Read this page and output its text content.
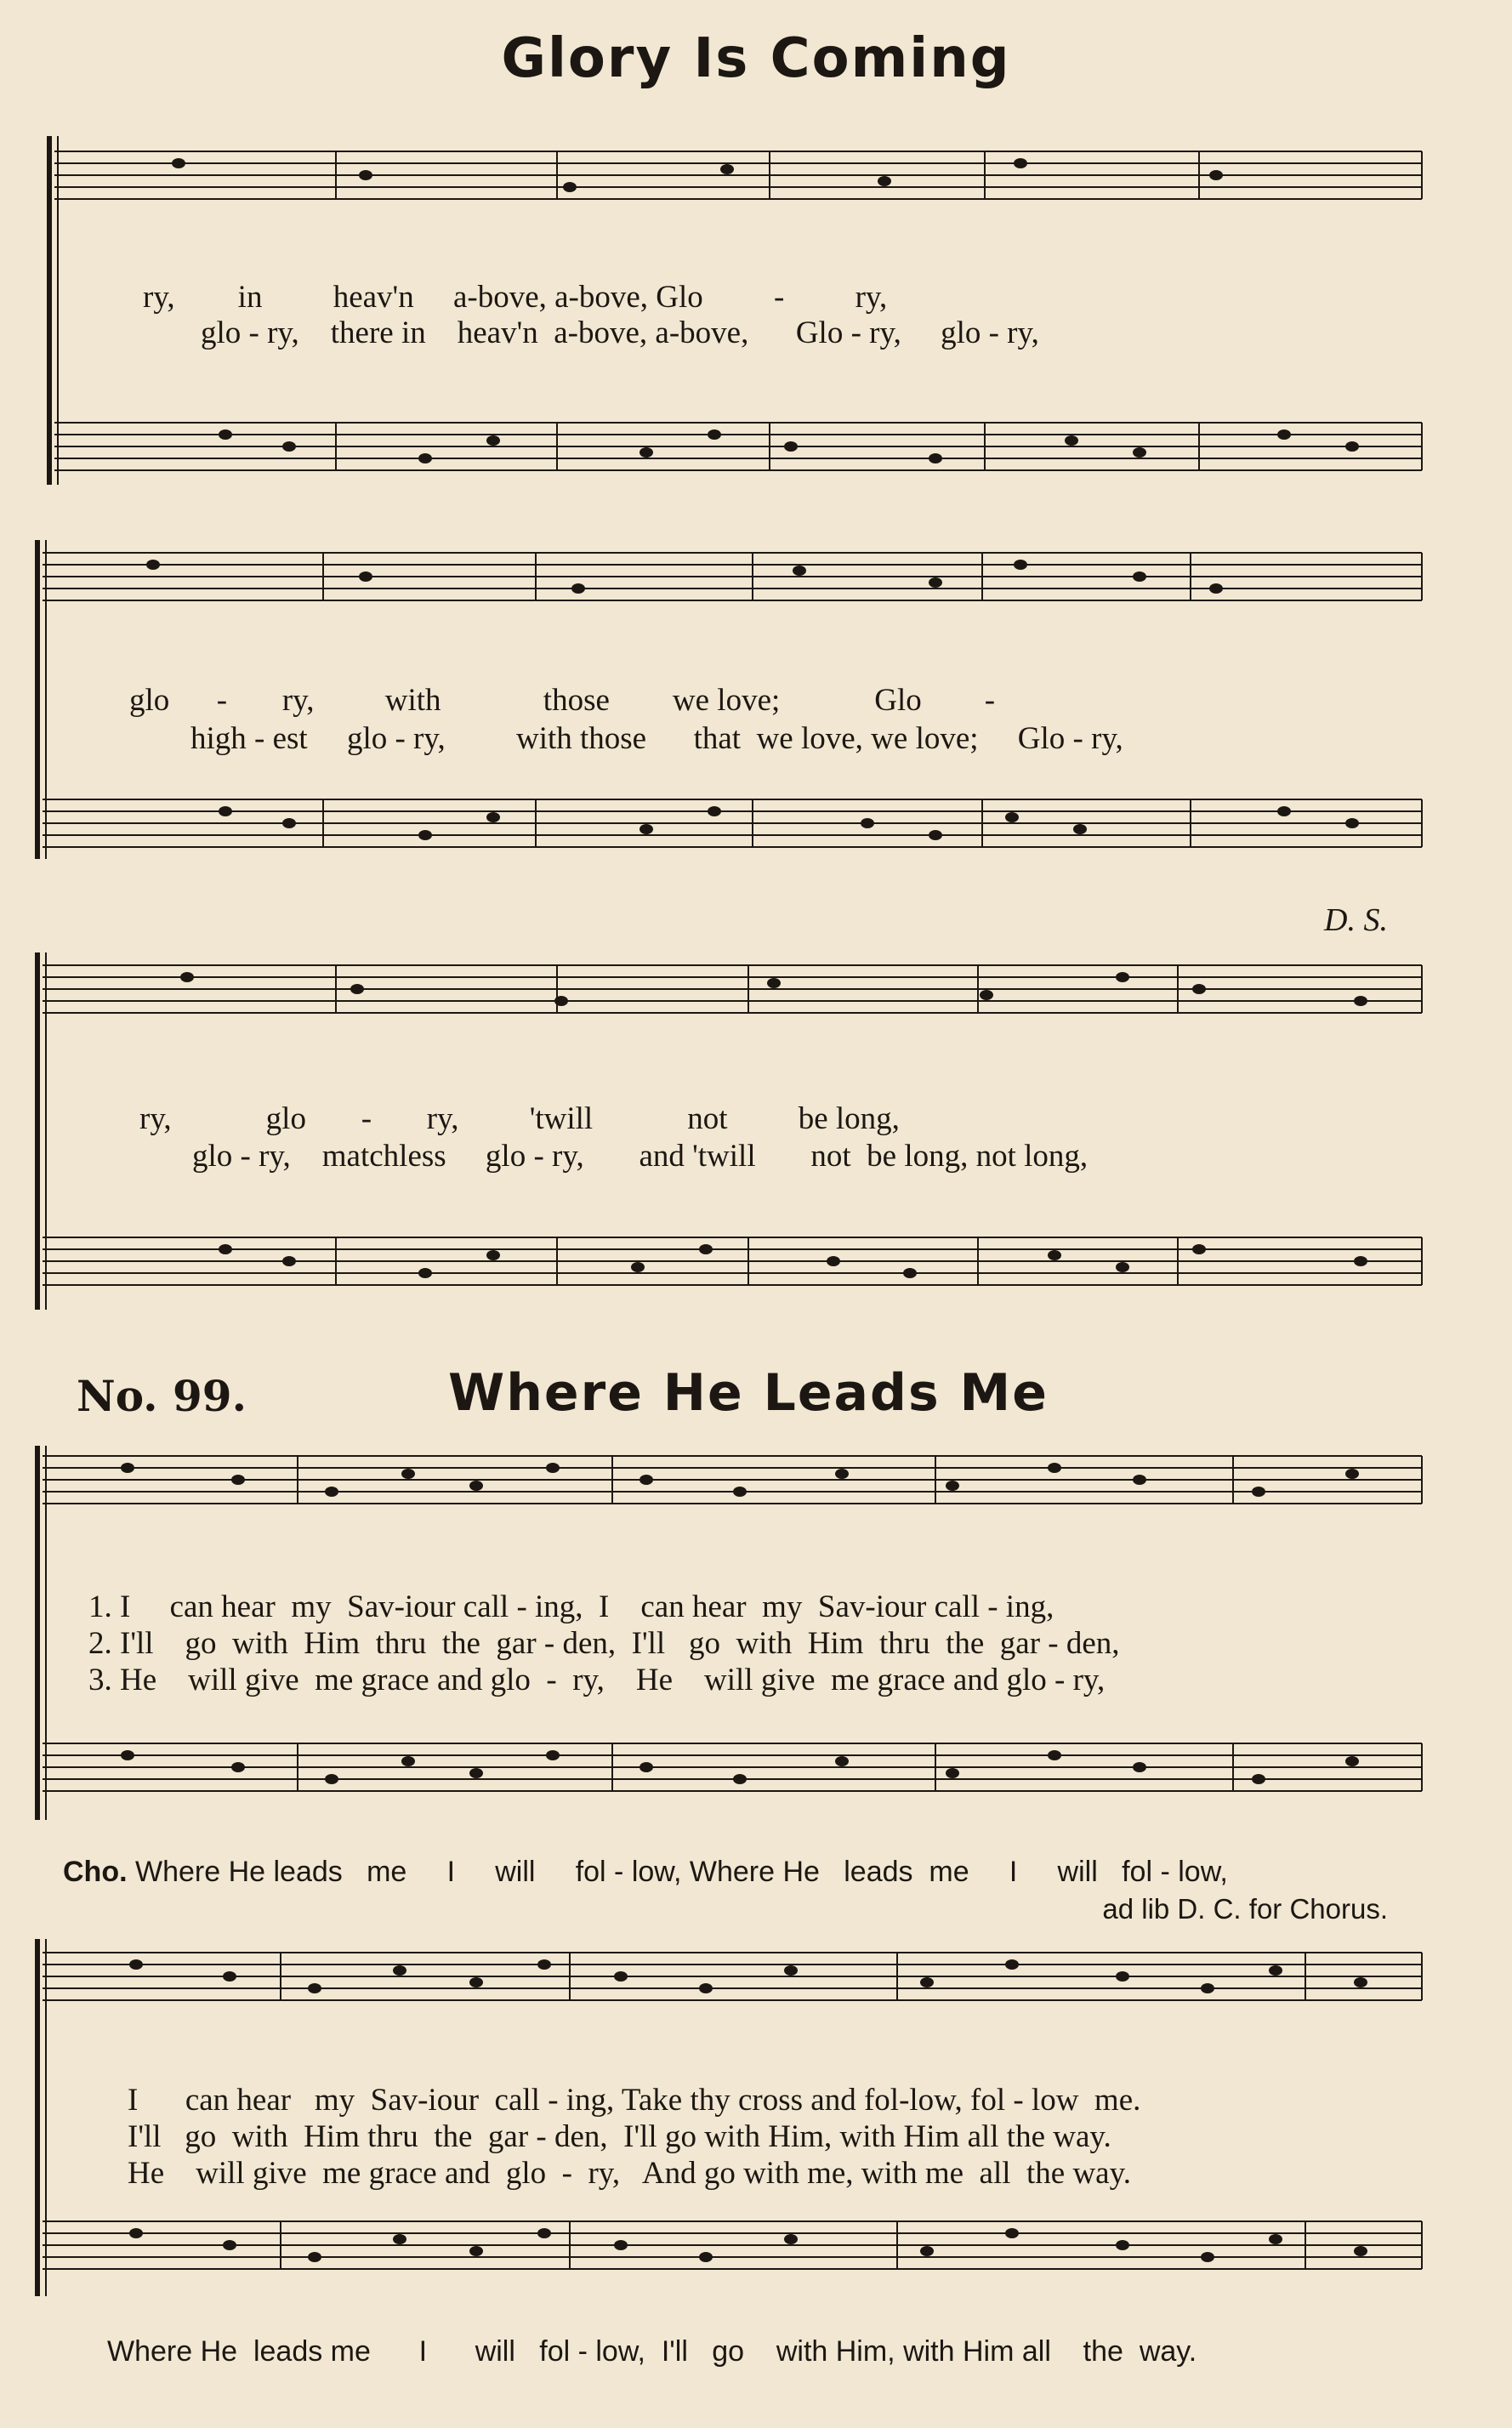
Glory Is Coming
ry,        in         heav'n     a-bove, a-bove, Glo         -         ry,
glo - ry,    there in    heav'n  a-bove, a-bove,      Glo - ry,     glo - ry,
glo      -       ry,         with             those        we love;            Glo        -
high - est     glo - ry,         with those      that  we love, we love;     Glo - ry,
D. S.
ry,            glo       -       ry,         'twill            not         be long,
glo - ry,    matchless     glo - ry,       and 'twill       not  be long, not long,
No. 99.	Where He Leads Me
1. I     can hear  my  Sav-iour call - ing,  I    can hear  my  Sav-iour call - ing,
2. I'll    go  with  Him  thru  the  gar - den,  I'll   go  with  Him  thru  the  gar - den,
3. He    will give  me grace and glo  -  ry,    He    will give  me grace and glo - ry,
Cho. Where He leads   me     I     will     fol - low, Where He   leads  me     I     will   fol - low,
ad lib D. C. for Chorus.
I      can hear   my  Sav-iour  call - ing, Take thy cross and fol-low, fol - low  me.
I'll   go  with  Him thru  the  gar - den,  I'll go with Him, with Him all the way.
He    will give  me grace and  glo  -  ry,   And go with me, with me  all  the way.
Where He  leads me      I      will   fol - low,  I'll   go    with Him, with Him all    the  way.
